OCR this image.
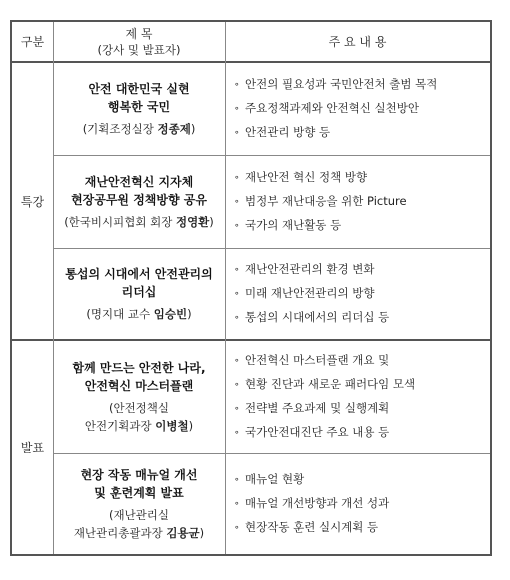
구분
제 목
(강사 및 발표자)
주 요 내 용
특강
발표
안전 대한민국 실현
행복한 국민
(기획조정실장 정종제)
∘ 안전의 필요성과 국민안전처 출범 목적
∘ 주요정책과제와 안전혁신 실천방안
∘ 안전관리 방향 등
재난안전혁신 지자체
현장공무원 정책방향 공유
(한국비시피협회 회장 정영환)
∘ 재난안전 혁신 정책 방향
∘ 범정부 재난대응을 위한 Picture
∘ 국가의 재난활동 등
통섭의 시대에서 안전관리의
리더십
(명지대 교수 임승빈)
∘ 재난안전관리의 환경 변화
∘ 미래 재난안전관리의 방향
∘ 통섭의 시대에서의 리더십 등
함께 만드는 안전한 나라,
안전혁신 마스터플랜
(안전정책실
안전기획과장 이병철)
∘ 안전혁신 마스터플랜 개요 및
∘ 현황 진단과 새로운 패러다임 모색
∘ 전략별 주요과제 및 실행계획
∘ 국가안전대진단 주요 내용 등
현장 작동 매뉴얼 개선
및 훈련계획 발표
(재난관리실
재난관리총괄과장 김용균)
∘ 매뉴얼 현황
∘ 매뉴얼 개선방향과 개선 성과
∘ 현장작동 훈련 실시계획 등
